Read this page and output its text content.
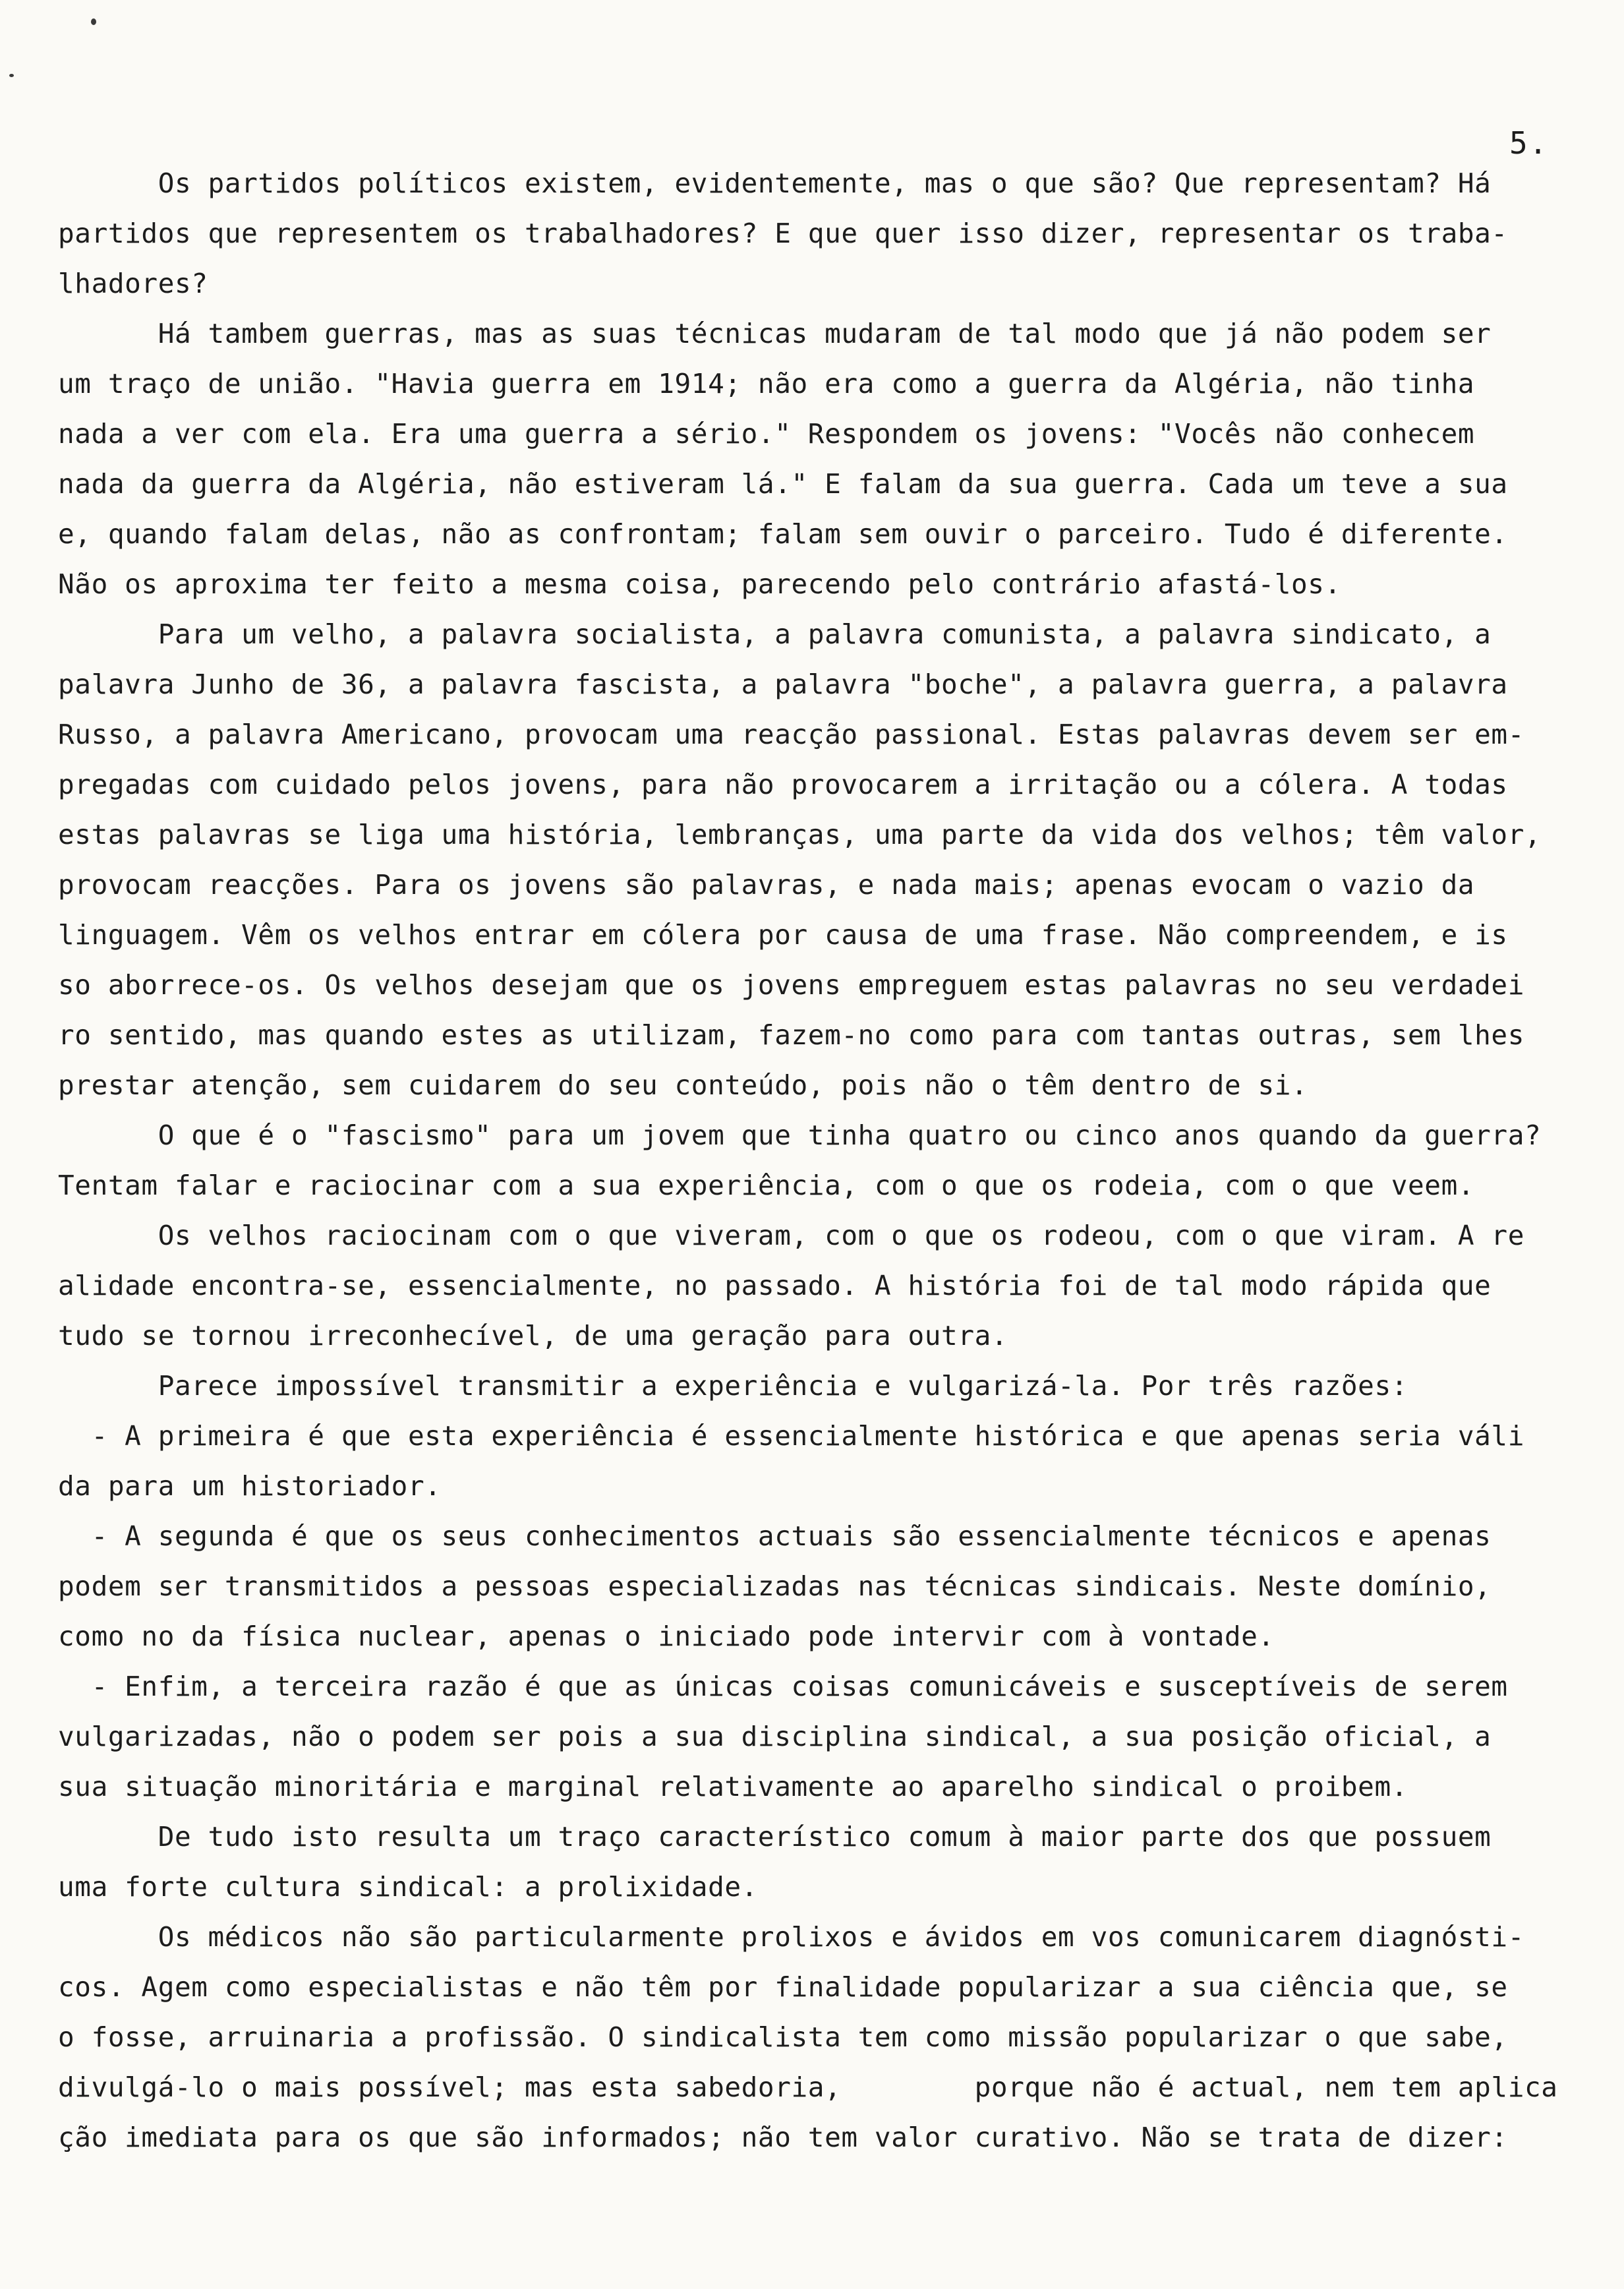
5.
Os partidos políticos existem, evidentemente, mas o que são? Que representam? Há
partidos que representem os trabalhadores? E que quer isso dizer, representar os traba-
lhadores?
Há tambem guerras, mas as suas técnicas mudaram de tal modo que já não podem ser
um traço de união. "Havia guerra em 1914; não era como a guerra da Algéria, não tinha
nada a ver com ela. Era uma guerra a sério." Respondem os jovens: "Vocês não conhecem
nada da guerra da Algéria, não estiveram lá." E falam da sua guerra. Cada um teve a sua
e, quando falam delas, não as confrontam; falam sem ouvir o parceiro. Tudo é diferente.
Não os aproxima ter feito a mesma coisa, parecendo pelo contrário afastá-los.
Para um velho, a palavra socialista, a palavra comunista, a palavra sindicato, a
palavra Junho de 36, a palavra fascista, a palavra "boche", a palavra guerra, a palavra
Russo, a palavra Americano, provocam uma reacção passional. Estas palavras devem ser em-
pregadas com cuidado pelos jovens, para não provocarem a irritação ou a cólera. A todas
estas palavras se liga uma história, lembranças, uma parte da vida dos velhos; têm valor,
provocam reacções. Para os jovens são palavras, e nada mais; apenas evocam o vazio da
linguagem. Vêm os velhos entrar em cólera por causa de uma frase. Não compreendem, e is
so aborrece-os. Os velhos desejam que os jovens empreguem estas palavras no seu verdadei
ro sentido, mas quando estes as utilizam, fazem-no como para com tantas outras, sem lhes
prestar atenção, sem cuidarem do seu conteúdo, pois não o têm dentro de si.
O que é o "fascismo" para um jovem que tinha quatro ou cinco anos quando da guerra?
Tentam falar e raciocinar com a sua experiência, com o que os rodeia, com o que veem.
Os velhos raciocinam com o que viveram, com o que os rodeou, com o que viram. A re
alidade encontra-se, essencialmente, no passado. A história foi de tal modo rápida que
tudo se tornou irreconhecível, de uma geração para outra.
Parece impossível transmitir a experiência e vulgarizá-la. Por três razões:
- A primeira é que esta experiência é essencialmente histórica e que apenas seria váli
da para um historiador.
- A segunda é que os seus conhecimentos actuais são essencialmente técnicos e apenas
podem ser transmitidos a pessoas especializadas nas técnicas sindicais. Neste domínio,
como no da física nuclear, apenas o iniciado pode intervir com à vontade.
- Enfim, a terceira razão é que as únicas coisas comunicáveis e susceptíveis de serem
vulgarizadas, não o podem ser pois a sua disciplina sindical, a sua posição oficial, a
sua situação minoritária e marginal relativamente ao aparelho sindical o proibem.
De tudo isto resulta um traço característico comum à maior parte dos que possuem
uma forte cultura sindical: a prolixidade.
Os médicos não são particularmente prolixos e ávidos em vos comunicarem diagnósti-
cos. Agem como especialistas e não têm por finalidade popularizar a sua ciência que, se
o fosse, arruinaria a profissão. O sindicalista tem como missão popularizar o que sabe,
divulgá-lo o mais possível; mas esta sabedoria,        porque não é actual, nem tem aplica
ção imediata para os que são informados; não tem valor curativo. Não se trata de dizer:
